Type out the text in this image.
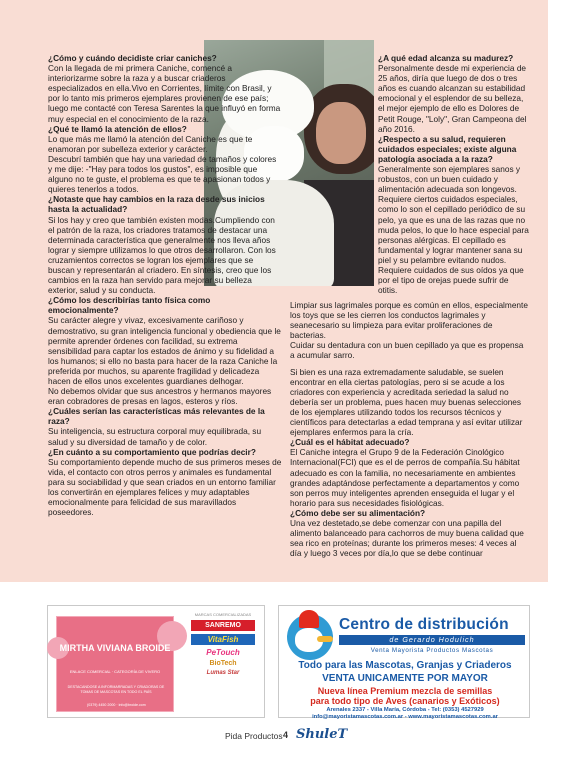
¿Cómo y cuándo decidiste criar caniches?

Con la llegada de mi primera Caniche, comencé a interiorizarme sobre la raza y a buscar criaderos especializados en ella.Vivo en Corrientes, límite con Brasil, y por lo tanto mis primeros ejemplares provienen de ese país; luego me contacté con Teresa Sarentes la que influyó en forma muy especial en el conocimiento de la raza.

¿Qué te llamó la atención de ellos?

Lo que más me llamó la atención del Caniche es que te enamoran por subelleza exterior y carácter.

Descubrí también que hay una variedad de tamaños y colores y me dije: -"Hay para todos los gustos", es imposible que alguno no te guste, el problema es que te apasionan todos y quieres tenerlos a todos.

¿Notaste que hay cambios en la raza desde sus inicios hasta la actualidad?

Si los hay y creo que también existen modas.Cumpliendo con el patrón de la raza, los criadores tratamos de destacar una determinada característica que generalmente nos lleva años lograr y siempre utilizamos lo que otros desarrollaron. Con los cruzamientos correctos se logran los ejemplares que se buscan y representarán al criadero. En síntesis, creo que los cambios en la raza han servido para mejorar su belleza exterior, salud y su conducta.

¿Cómo los describirías tanto física como emocionalmente?

Su carácter alegre y vivaz, excesivamente cariñoso y demostrativo, su gran inteligencia funcional y obediencia que le permite aprender órdenes con facilidad, su extrema sensibilidad para captar los estados de ánimo y su fidelidad a los humanos; si ello no basta para hacer de la raza Caniche la preferida por muchos, su aparente fragilidad y delicadeza hacen de ellos unos excelentes guardianes delhogar.

No debemos olvidar que sus ancestros y hermanos mayores eran cobradores de presas en lagos, esteros y ríos.

¿Cuáles serían las características más relevantes de la raza?

Su inteligencia, su estructura corporal muy equilibrada, su salud y su diversidad de tamaño y de color.

¿En cuánto a su comportamiento que podrías decir?

Su comportamiento depende mucho de sus primeros meses de vida, el contacto con otros perros y animales es fundamental para su sociabilidad y que sean criados en un entorno familiar los convertirán en ejemplares felices y muy adaptables emocionalmente para felicidad de sus maravillados poseedores.

¿A qué edad alcanza su madurez?

Personalmente desde mi experiencia de 25 años, diría que luego de dos o tres años es cuando alcanzan su estabilidad emocional y el esplendor de su belleza, el mejor ejemplo de ello es Dolores de Petit Rouge, "Loly", Gran Campeona del año 2016.

¿Respecto a su salud, requieren cuidados especiales; existe alguna patología asociada a la raza?

Generalmente son ejemplares sanos y robustos, con un buen cuidado y alimentación adecuada son longevos. Requiere ciertos cuidados especiales, como lo son el cepillado periódico de su pelo, ya que es una de las razas que no muda pelos, lo que lo hace especial para personas alérgicas. El cepillado es fundamental y lograr mantener sana su piel y su pelambre evitando nudos.

Requiere cuidados de sus oídos ya que por el tipo de orejas puede sufrir de otitis.

Limpiar sus lagrimales porque es común en ellos, especialmente los toys que se les cierren los conductos lagrimales y seanecesario su limpieza para evitar proliferaciones de bacterias.

Cuidar su dentadura con un buen cepillado ya que es propensa a acumular sarro.

Si bien es una raza extremadamente saludable, se suelen encontrar en ella ciertas patologías, pero si se acude a los criadores con experiencia y acreditada seriedad la salud no debería ser un problema, pues hacen muy buenas selecciones de los ejemplares utilizando todos los recursos técnicos y científicos para detectarlas a edad temprana y así evitar utilizar ejemplares enfermos para la cría.

¿Cuál es el hábitat adecuado?

El Caniche integra el Grupo 9 de la Federación Cinológico Internacional(FCI) que es el de perros de compañía.Su hábitat adecuado es con la familia, no necesariamente en ambientes grandes adaptándose perfectamente a departamentos y como son perros muy inteligentes aprenden enseguida el lugar y el horario para sus necesidades fisiológicas.

¿Cómo debe ser su alimentación?

Una vez destetado,se debe comenzar con una papilla del alimento balanceado para cachorros de muy buena calidad que sea rico en proteínas; durante los primeros meses: 4 veces al día y luego 3 veces por día,lo que se debe continuar

MIRTHA VIVIANA BROIDE
ENLACE COMERCIAL · CATEGORÍA DE VIVERO
DESTACANDOSE A INFORMARRADAS Y CRIADORAS DE TOMAS DE MASCOTAS EN TODO EL PAÍS
(0379) 4450 2000 · info@broide.com
MARCAS COMERCIALIZADAS
SANREMO
VitaFish
PeTouch
BioTech
Lumas Star
Centro de distribución
de Gerardo Hodulich
Venta Mayorista Productos Mascotas
Todo para las Mascotas, Granjas y Criaderos
VENTA UNICAMENTE POR MAYOR
Nueva línea Premium mezcla de semillas
para todo tipo de Aves (canarios y Exóticos)
Arenales 2337 - Villa María, Córdoba - Tel: (0353) 4527929
info@mayoristamascotas.com.ar - www.mayoristamascotas.com.ar
Pida Productos 4 ShuleT
